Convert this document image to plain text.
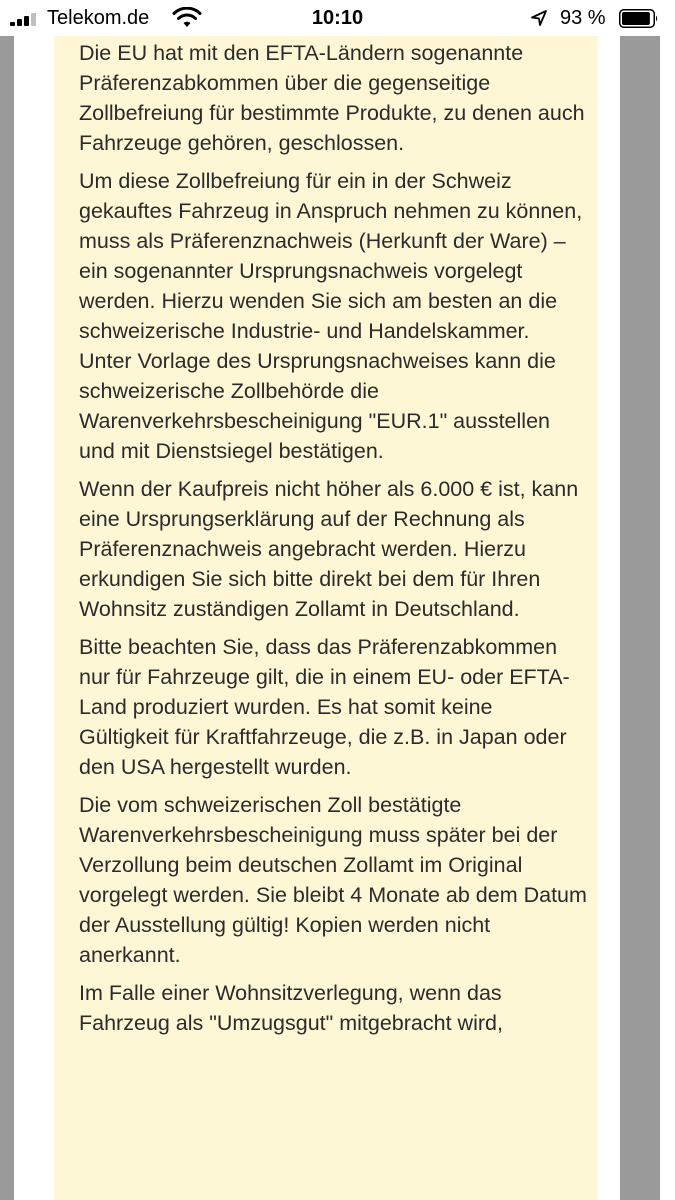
Telekom.de	10:10	93 %

Die EU hat mit den EFTA-Ländern sogenannte Präferenzabkommen über die gegenseitige Zollbefreiung für bestimmte Produkte, zu denen auch Fahrzeuge gehören, geschlossen.

Um diese Zollbefreiung für ein in der Schweiz gekauftes Fahrzeug in Anspruch nehmen zu können, muss als Präferenznachweis (Herkunft der Ware) – ein sogenannter Ursprungsnachweis vorgelegt werden. Hierzu wenden Sie sich am besten an die schweizerische Industrie- und Handelskammer. Unter Vorlage des Ursprungsnachweises kann die schweizerische Zollbehörde die Warenverkehrsbescheinigung "EUR.1" ausstellen und mit Dienstsiegel bestätigen.

Wenn der Kaufpreis nicht höher als 6.000 € ist, kann eine Ursprungserklärung auf der Rechnung als Präferenznachweis angebracht werden. Hierzu erkundigen Sie sich bitte direkt bei dem für Ihren Wohnsitz zuständigen Zollamt in Deutschland.

Bitte beachten Sie, dass das Präferenzabkommen nur für Fahrzeuge gilt, die in einem EU- oder EFTA-Land produziert wurden. Es hat somit keine Gültigkeit für Kraftfahrzeuge, die z.B. in Japan oder den USA hergestellt wurden.

Die vom schweizerischen Zoll bestätigte Warenverkehrsbescheinigung muss später bei der Verzollung beim deutschen Zollamt im Original vorgelegt werden. Sie bleibt 4 Monate ab dem Datum der Ausstellung gültig! Kopien werden nicht anerkannt.

Im Falle einer Wohnsitzverlegung, wenn das Fahrzeug als "Umzugsgut" mitgebracht wird,
